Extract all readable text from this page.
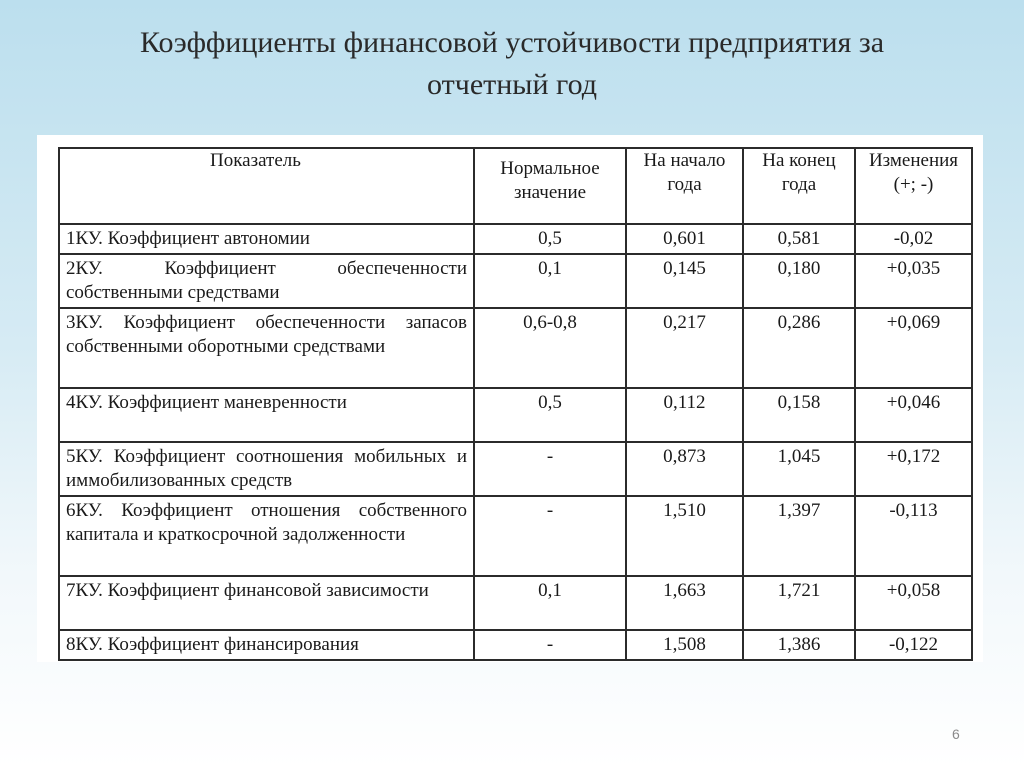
Коэффициенты финансовой устойчивости предприятия за
отчетный год
Показатель	Нормальное значение	На начало года	На конец года	Изменения (+; -)
1КУ. Коэффициент автономии	0,5	0,601	0,581	-0,02
2КУ. Коэффициент обеспеченности собственными средствами	0,1	0,145	0,180	+0,035
3КУ. Коэффициент обеспеченности запасов собственными оборотными средствами	0,6-0,8	0,217	0,286	+0,069
4КУ. Коэффициент маневренности	0,5	0,112	0,158	+0,046
5КУ. Коэффициент соотношения мобильных и иммобилизованных средств	-	0,873	1,045	+0,172
6КУ. Коэффициент отношения собственного капитала и краткосрочной задолженности	-	1,510	1,397	-0,113
7КУ. Коэффициент финансовой зависимости	0,1	1,663	1,721	+0,058
8КУ. Коэффициент финансирования	-	1,508	1,386	-0,122
6
